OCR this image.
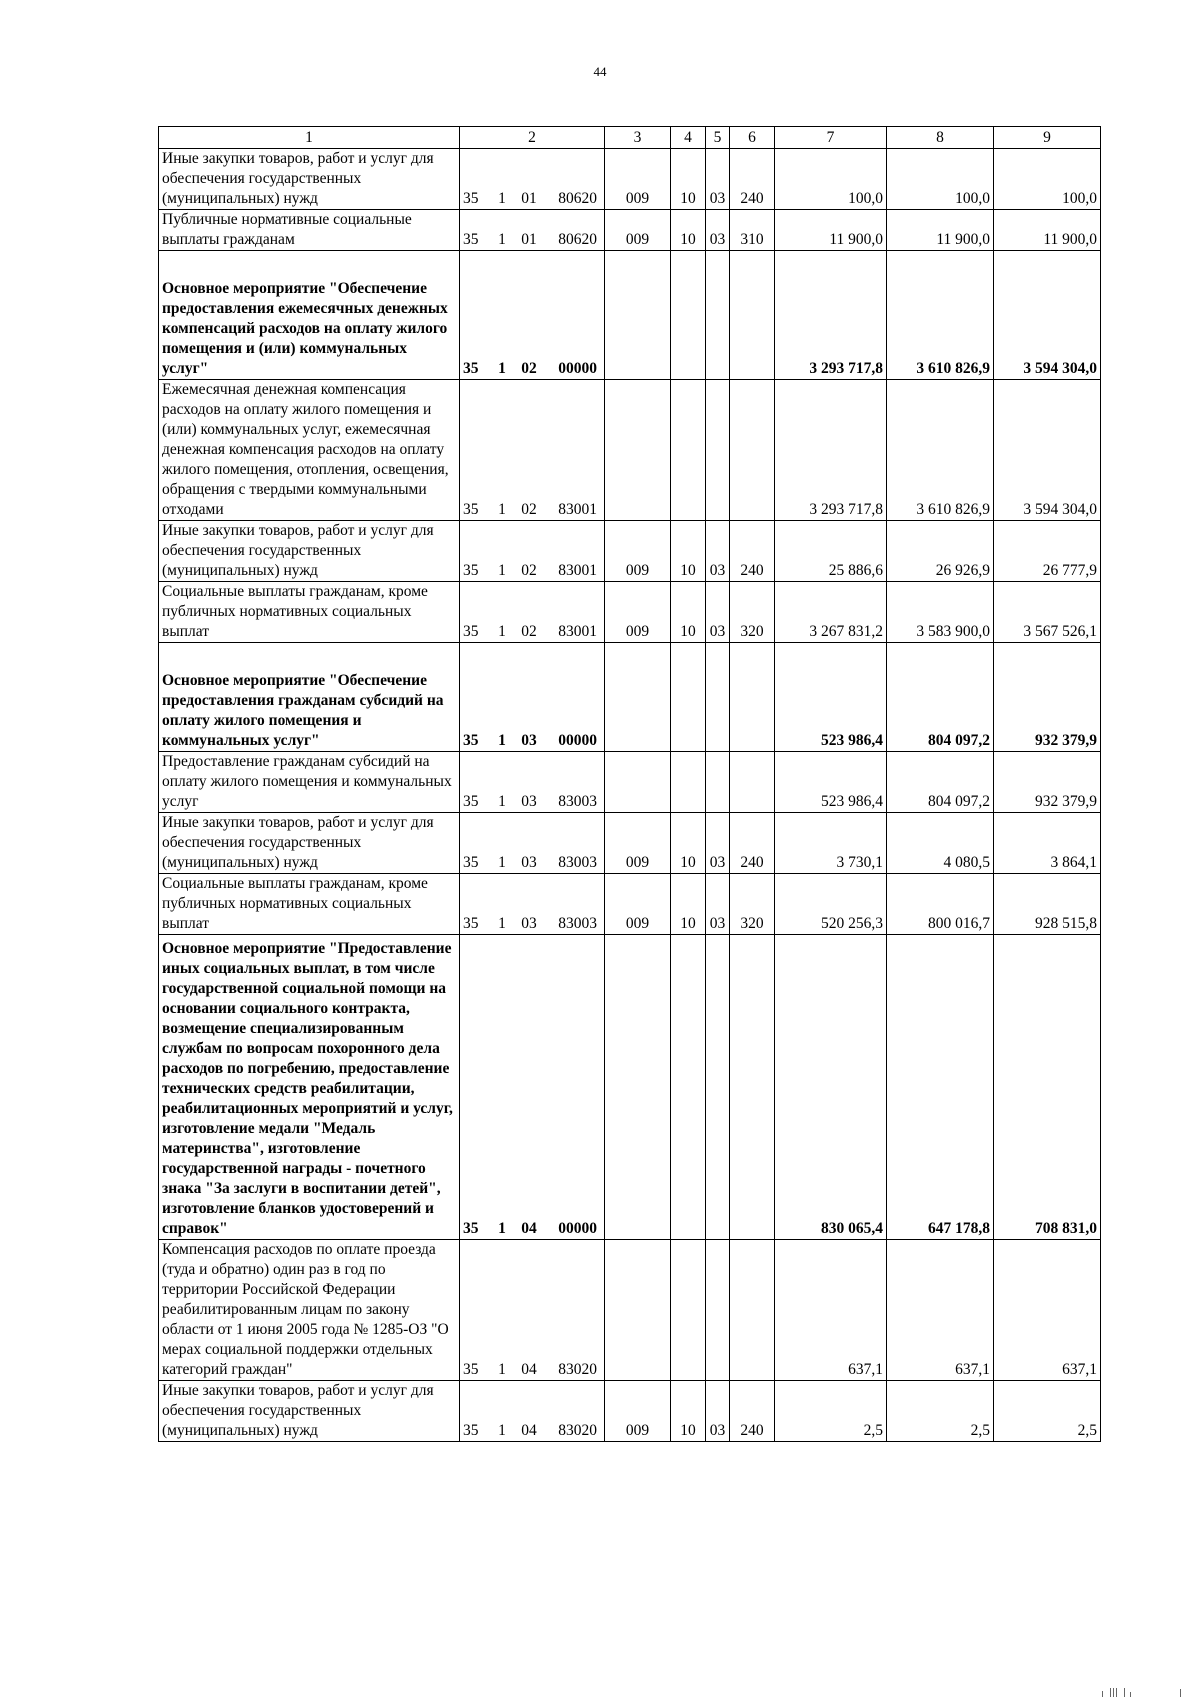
44
1	2	3	4	5	6	7	8	9
Иные закупки товаров, работ и услуг для обеспечения государственных (муниципальных) нужд	35 1 01 80620	009	10	03	240	100,0	100,0	100,0
Публичные нормативные социальные выплаты гражданам	35 1 01 80620	009	10	03	310	11 900,0	11 900,0	11 900,0
Основное мероприятие "Обеспечение предоставления ежемесячных денежных компенсаций расходов на оплату жилого помещения и (или) коммунальных услуг"	35 1 02 00000					3 293 717,8	3 610 826,9	3 594 304,0
Ежемесячная денежная компенсация расходов на оплату жилого помещения и (или) коммунальных услуг, ежемесячная денежная компенсация расходов на оплату жилого помещения, отопления, освещения, обращения с твердыми коммунальными отходами	35 1 02 83001					3 293 717,8	3 610 826,9	3 594 304,0
Иные закупки товаров, работ и услуг для обеспечения государственных (муниципальных) нужд	35 1 02 83001	009	10	03	240	25 886,6	26 926,9	26 777,9
Социальные выплаты гражданам, кроме публичных нормативных социальных выплат	35 1 02 83001	009	10	03	320	3 267 831,2	3 583 900,0	3 567 526,1
Основное мероприятие "Обеспечение предоставления гражданам субсидий на оплату жилого помещения и коммунальных услуг"	35 1 03 00000					523 986,4	804 097,2	932 379,9
Предоставление гражданам субсидий на оплату жилого помещения и коммунальных услуг	35 1 03 83003					523 986,4	804 097,2	932 379,9
Иные закупки товаров, работ и услуг для обеспечения государственных (муниципальных) нужд	35 1 03 83003	009	10	03	240	3 730,1	4 080,5	3 864,1
Социальные выплаты гражданам, кроме публичных нормативных социальных выплат	35 1 03 83003	009	10	03	320	520 256,3	800 016,7	928 515,8
Основное мероприятие "Предоставление иных социальных выплат, в том числе государственной социальной помощи на основании социального контракта, возмещение специализированным службам по вопросам похоронного дела расходов по погребению, предоставление технических средств реабилитации, реабилитационных мероприятий и услуг, изготовление медали "Медаль материнства", изготовление государственной награды - почетного знака "За заслуги в воспитании детей", изготовление бланков удостоверений и справок"	35 1 04 00000					830 065,4	647 178,8	708 831,0
Компенсация расходов по оплате проезда (туда и обратно) один раз в год по территории Российской Федерации реабилитированным лицам по закону области от 1 июня 2005 года № 1285-ОЗ "О мерах социальной поддержки отдельных категорий граждан"	35 1 04 83020					637,1	637,1	637,1
Иные закупки товаров, работ и услуг для обеспечения государственных (муниципальных) нужд	35 1 04 83020	009	10	03	240	2,5	2,5	2,5
